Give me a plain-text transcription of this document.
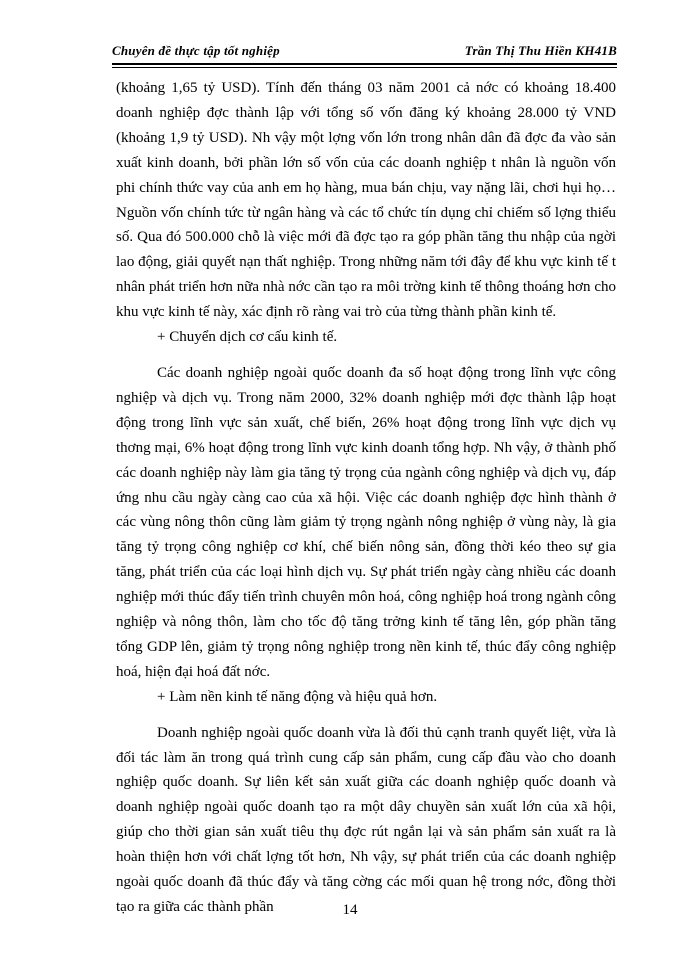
Chuyên đề thực tập tốt nghiệp	Trần Thị Thu Hiền KH41B

(khoảng 1,65 tỷ USD). Tính đến tháng 03 năm 2001 cả nớc có khoảng 18.400 doanh nghiệp đợc thành lập với tổng số vốn đăng ký khoảng 28.000 tỷ VND (khoảng 1,9 tỷ USD). Nh vậy một lợng vốn lớn trong nhân dân đã đợc đa vào sản xuất kinh doanh, bởi phần lớn số vốn của các doanh nghiệp t nhân là nguồn vốn phi chính thức vay của anh em họ hàng, mua bán chịu, vay nặng lãi, chơi hụi họ…Nguồn vốn chính tức từ ngân hàng và các tổ chức tín dụng chỉ chiếm số lợng thiểu số. Qua đó 500.000 chỗ là việc mới đã đợc tạo ra góp phần tăng thu nhập của ngời lao động, giải quyết nạn thất nghiệp. Trong những năm tới đây để khu vực kinh tế t nhân phát triển hơn nữa nhà nớc cần tạo ra môi trờng kinh tế thông thoáng hơn cho khu vực kinh tế này, xác định rõ ràng vai trò của từng thành phần kinh tế.

+ Chuyển dịch cơ cấu kinh tế.

Các doanh nghiệp ngoài quốc doanh đa số hoạt động trong lĩnh vực công nghiệp và dịch vụ. Trong năm 2000, 32% doanh nghiệp mới đợc thành lập hoạt động trong lĩnh vực sản xuất, chế biến, 26% hoạt động trong lĩnh vực dịch vụ thơng mại, 6% hoạt động trong lĩnh vực kinh doanh tổng hợp. Nh vậy, ở thành phố các doanh nghiệp này làm gia tăng tỷ trọng của ngành công nghiệp và dịch vụ, đáp ứng nhu cầu ngày càng cao của xã hội. Việc các doanh nghiệp đợc hình thành ở các vùng nông thôn cũng làm giảm tỷ trọng ngành nông nghiệp ở vùng này, là gia tăng tỷ trọng công nghiệp cơ khí, chế biến nông sản, đồng thời kéo theo sự gia tăng, phát triển của các loại hình dịch vụ. Sự phát triển ngày càng nhiều các doanh nghiệp mới thúc đẩy tiến trình chuyên môn hoá, công nghiệp hoá trong ngành công nghiệp và nông thôn, làm cho tốc độ tăng trởng kinh tế tăng lên, góp phần tăng tổng GDP lên, giảm tỷ trọng nông nghiệp trong nền kinh tế, thúc đẩy công nghiệp hoá, hiện đại hoá đất nớc.

+ Làm nền kinh tế năng động và hiệu quả hơn.

Doanh nghiệp ngoài quốc doanh vừa là đối thủ cạnh tranh quyết liệt, vừa là đối tác làm ăn trong quá trình cung cấp sản phẩm, cung cấp đầu vào cho doanh nghiệp quốc doanh. Sự liên kết sản xuất giữa các doanh nghiệp quốc doanh và doanh nghiệp ngoài quốc doanh tạo ra một dây chuyền sản xuất lớn của xã hội, giúp cho thời gian sản xuất tiêu thụ đợc rút ngắn lại và sản phẩm sản xuất ra là hoàn thiện hơn với chất lợng tốt hơn, Nh vậy, sự phát triển của các doanh nghiệp ngoài quốc doanh đã thúc đẩy và tăng cờng các mối quan hệ trong nớc, đồng thời tạo ra giữa các thành phần	14
